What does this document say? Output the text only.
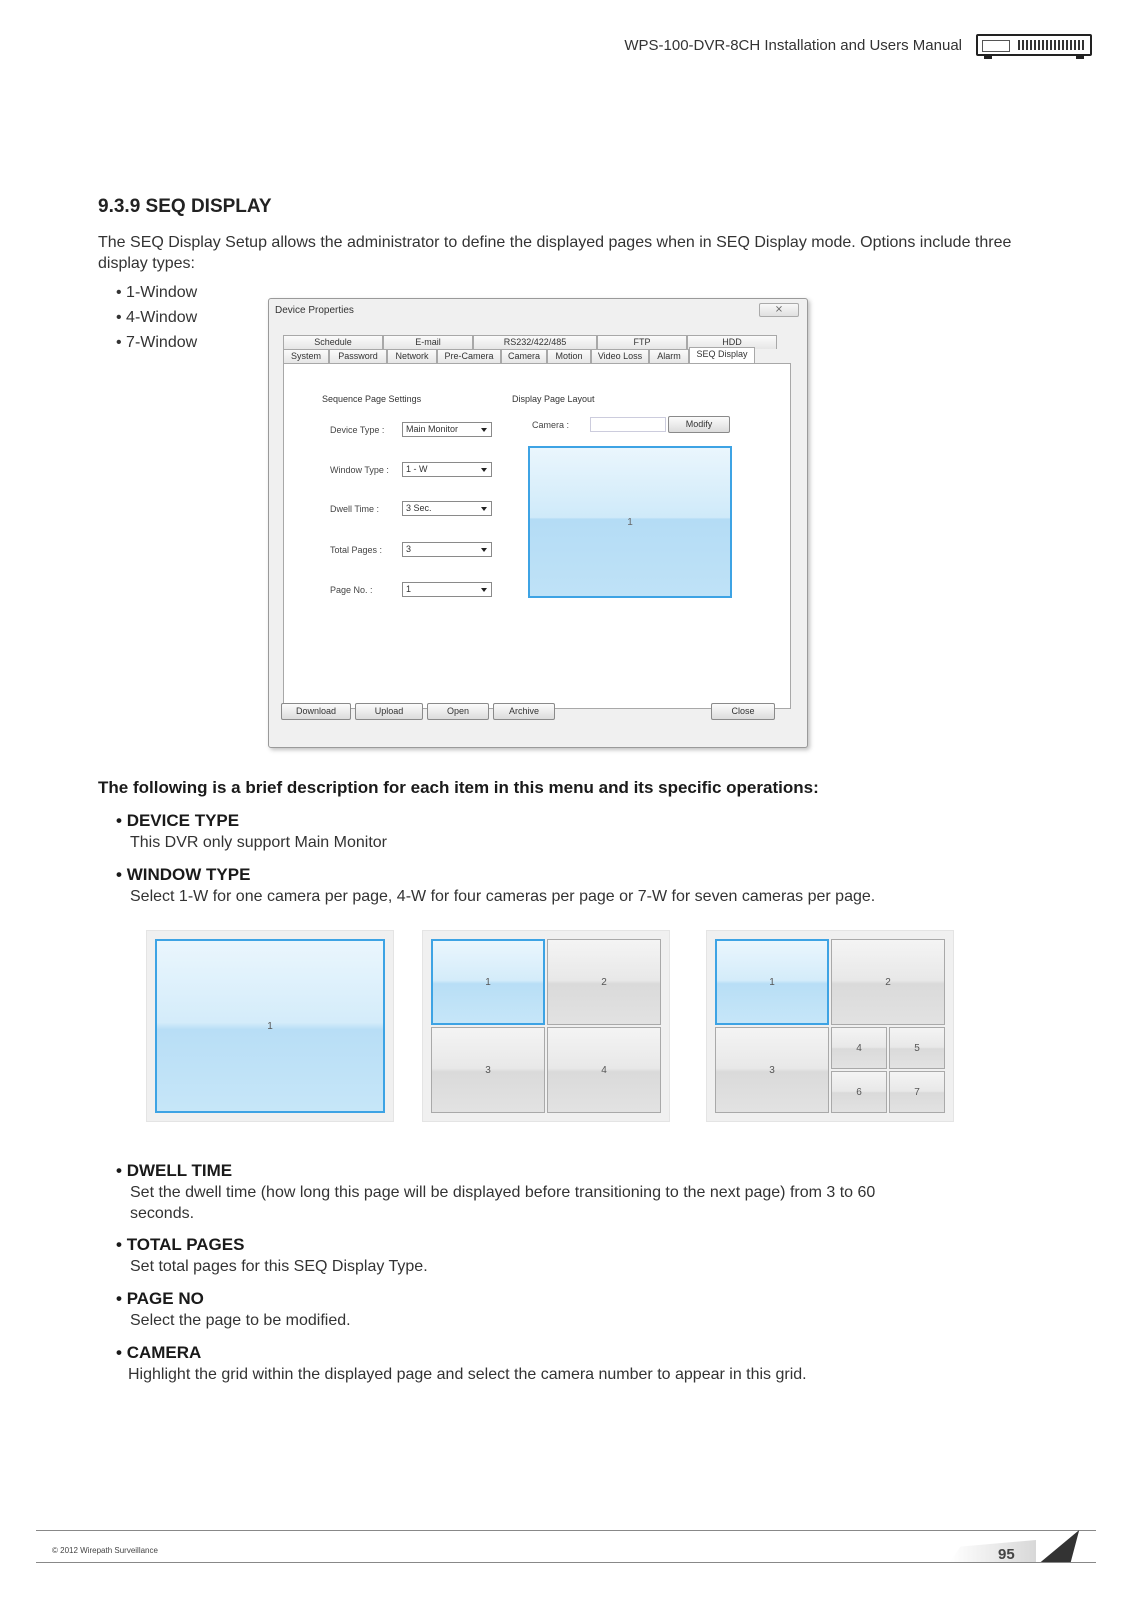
WPS-100-DVR-8CH Installation and Users Manual
9.3.9 SEQ DISPLAY
The SEQ Display Setup allows the administrator to define the displayed pages when in SEQ Display mode. Options include three display types:
• 1-Window
• 4-Window
• 7-Window
Device Properties	⨯
Schedule	E-mail	RS232/422/485	FTP	HDD
System	Password	Network	Pre-Camera	Camera	Motion	Video Loss	Alarm	SEQ Display
Sequence Page Settings	Display Page Layout
Device Type :	Main Monitor
Window Type :	1 - W
Dwell Time :	3 Sec.
Total Pages :	3
Page No. :	1
Camera :	Modify
1
Download	Upload	Open	Archive	Close
The following is a brief description for each item in this menu and its specific operations:
• DEVICE TYPE
This DVR only support Main Monitor
• WINDOW TYPE
Select 1-W for one camera per page, 4-W for four cameras per page or 7-W for seven cameras per page.
1
1	2
3	4
1	2
3
4	5
6	7
• DWELL TIME
Set the dwell time (how long this page will be displayed before transitioning to the next page) from 3 to 60 seconds.
• TOTAL PAGES
Set total pages for this SEQ Display Type.
• PAGE NO
Select the page to be modified.
• CAMERA
Highlight the grid within the displayed page and select the camera number to appear in this grid.
© 2012 Wirepath Surveillance	95
